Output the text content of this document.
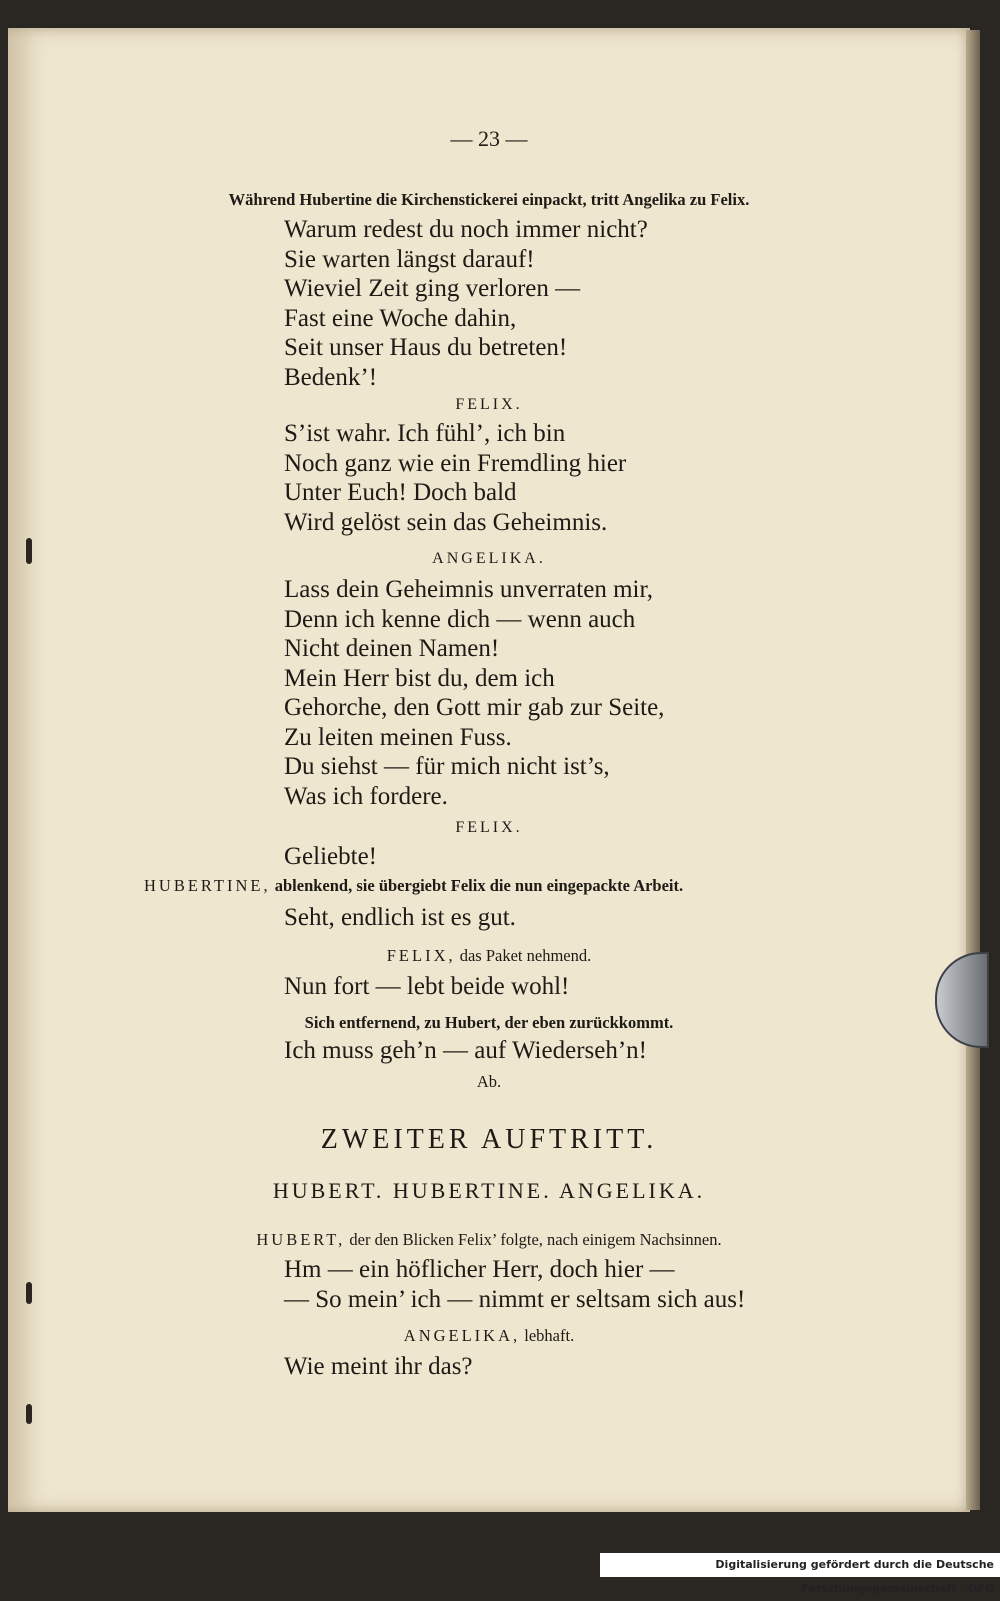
— 23 —
Während Hubertine die Kirchenstickerei einpackt, tritt Angelika zu Felix.
Warum redest du noch immer nicht?
Sie warten längst darauf!
Wieviel Zeit ging verloren —
Fast eine Woche dahin,
Seit unser Haus du betreten!
Bedenk’!
FELIX.
S’ist wahr. Ich fühl’, ich bin
Noch ganz wie ein Fremdling hier
Unter Euch! Doch bald
Wird gelöst sein das Geheimnis.
ANGELIKA.
Lass dein Geheimnis unverraten mir,
Denn ich kenne dich — wenn auch
Nicht deinen Namen!
Mein Herr bist du, dem ich
Gehorche, den Gott mir gab zur Seite,
Zu leiten meinen Fuss.
Du siehst — für mich nicht ist’s,
Was ich fordere.
FELIX.
Geliebte!
HUBERTINE, ablenkend, sie übergiebt Felix die nun eingepackte Arbeit.
Seht, endlich ist es gut.
FELIX, das Paket nehmend.
Nun fort — lebt beide wohl!
Sich entfernend, zu Hubert, der eben zurückkommt.
Ich muss geh’n — auf Wiederseh’n!
Ab.
ZWEITER AUFTRITT.
HUBERT. HUBERTINE. ANGELIKA.
HUBERT, der den Blicken Felix’ folgte, nach einigem Nachsinnen.
Hm — ein höflicher Herr, doch hier —
— So mein’ ich — nimmt er seltsam sich aus!
ANGELIKA, lebhaft.
Wie meint ihr das?
Digitalisierung gefördert durch die Deutsche Forschungsgemeinschaft · DFG
